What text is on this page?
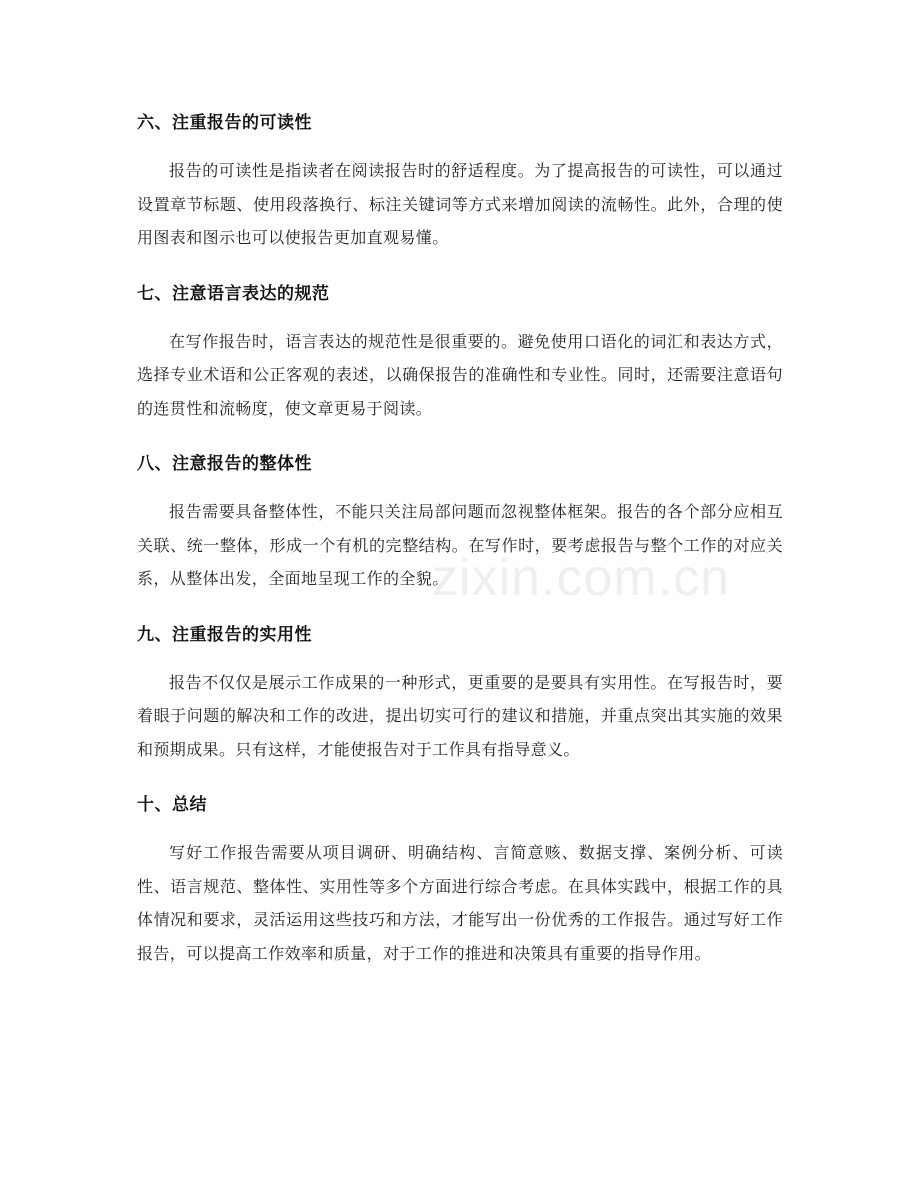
六、注重报告的可读性
报告的可读性是指读者在阅读报告时的舒适程度。为了提高报告的可读性，可以通过设置章节标题、使用段落换行、标注关键词等方式来增加阅读的流畅性。此外，合理的使用图表和图示也可以使报告更加直观易懂。
七、注意语言表达的规范
在写作报告时，语言表达的规范性是很重要的。避免使用口语化的词汇和表达方式，选择专业术语和公正客观的表述，以确保报告的准确性和专业性。同时，还需要注意语句的连贯性和流畅度，使文章更易于阅读。
八、注意报告的整体性
报告需要具备整体性，不能只关注局部问题而忽视整体框架。报告的各个部分应相互关联、统一整体，形成一个有机的完整结构。在写作时，要考虑报告与整个工作的对应关系，从整体出发，全面地呈现工作的全貌。
九、注重报告的实用性
报告不仅仅是展示工作成果的一种形式，更重要的是要具有实用性。在写报告时，要着眼于问题的解决和工作的改进，提出切实可行的建议和措施，并重点突出其实施的效果和预期成果。只有这样，才能使报告对于工作具有指导意义。
十、总结
写好工作报告需要从项目调研、明确结构、言简意赅、数据支撑、案例分析、可读性、语言规范、整体性、实用性等多个方面进行综合考虑。在具体实践中，根据工作的具体情况和要求，灵活运用这些技巧和方法，才能写出一份优秀的工作报告。通过写好工作报告，可以提高工作效率和质量，对于工作的推进和决策具有重要的指导作用。
zixin.com.cn
